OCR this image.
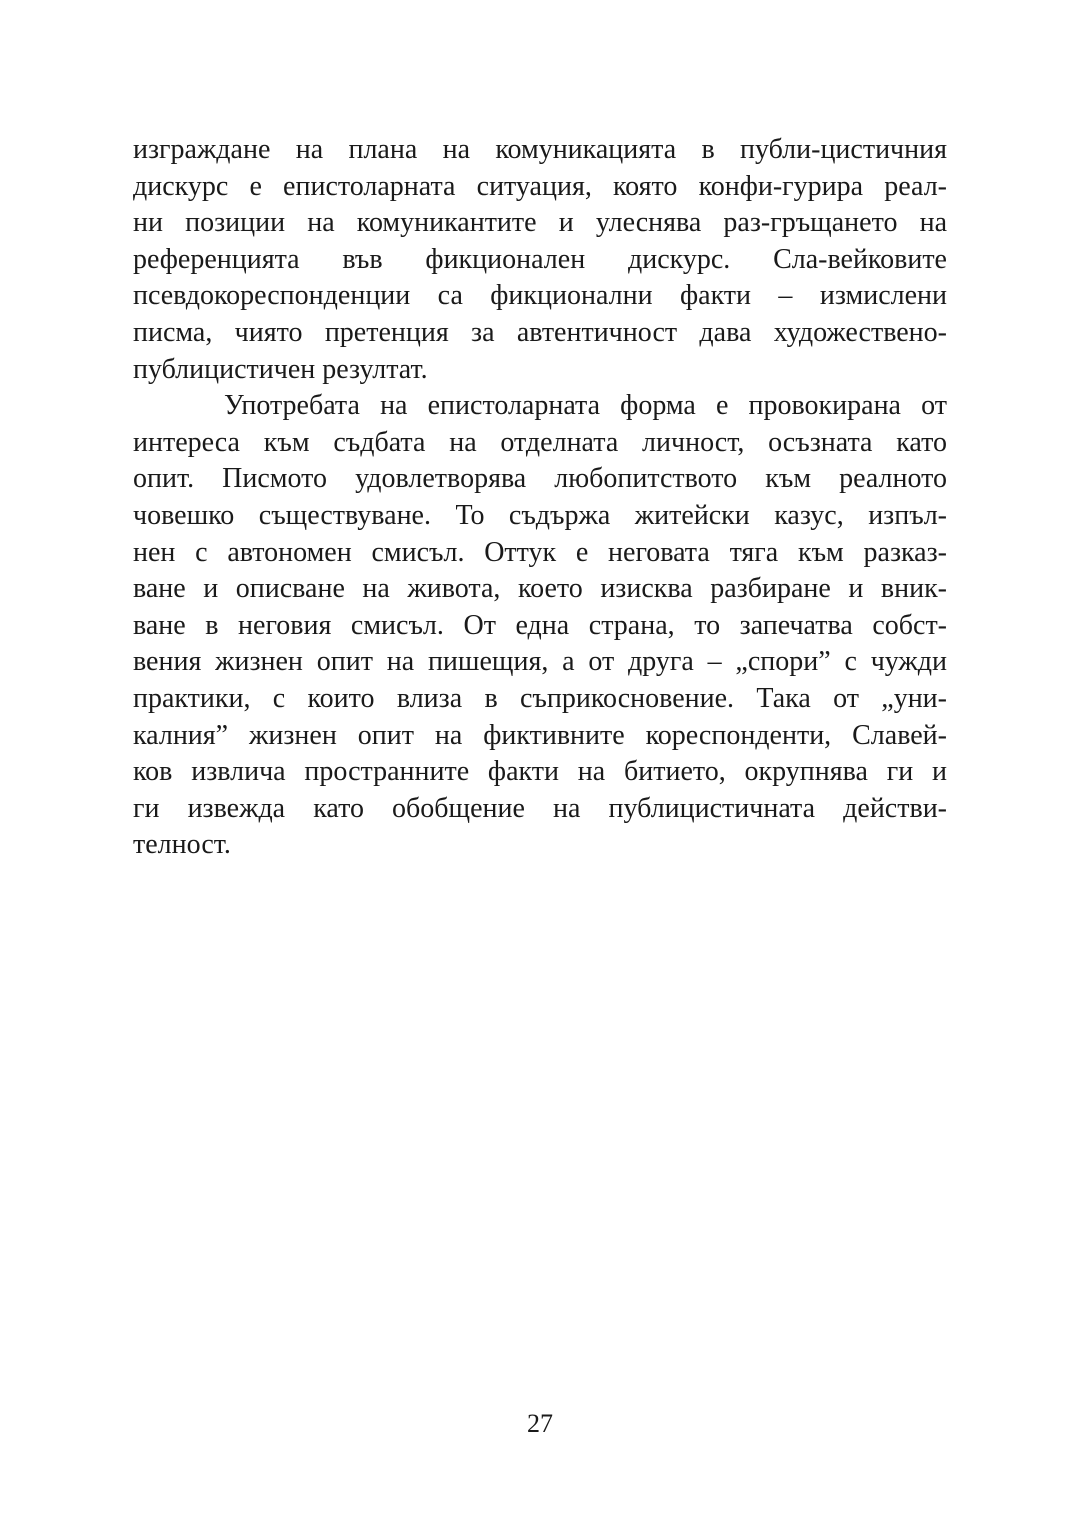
изграждане на плана на комуникацията в публи-цистичния
дискурс е епистоларната ситуация, която конфи-гурира реал-
ни позиции на комуникантите и улеснява раз-гръщането на
референцията във фикционален дискурс. Сла-вейковите
псевдокореспонденции са фикционални факти – измислени
писма, чиято претенция за автентичност дава художествено-
публицистичен резултат.
Употребата на епистоларната форма е провокирана от
интереса към съдбата на отделната личност, осъзната като
опит. Писмото удовлетворява любопитството към реалното
човешко съществуване. То съдържа житейски казус, изпъл-
нен с автономен смисъл. Оттук е неговата тяга към разказ-
ване и описване на живота, което изисква разбиране и вник-
ване в неговия смисъл. От една страна, то запечатва собст-
вения жизнен опит на пишещия, а от друга – „спори” с чужди
практики, с които влиза в съприкосновение. Така от „уни-
калния” жизнен опит на фиктивните кореспонденти, Славей-
ков извлича пространните факти на битието, окрупнява ги и
ги извежда като обобщение на публицистичната действи-
телност.
27
